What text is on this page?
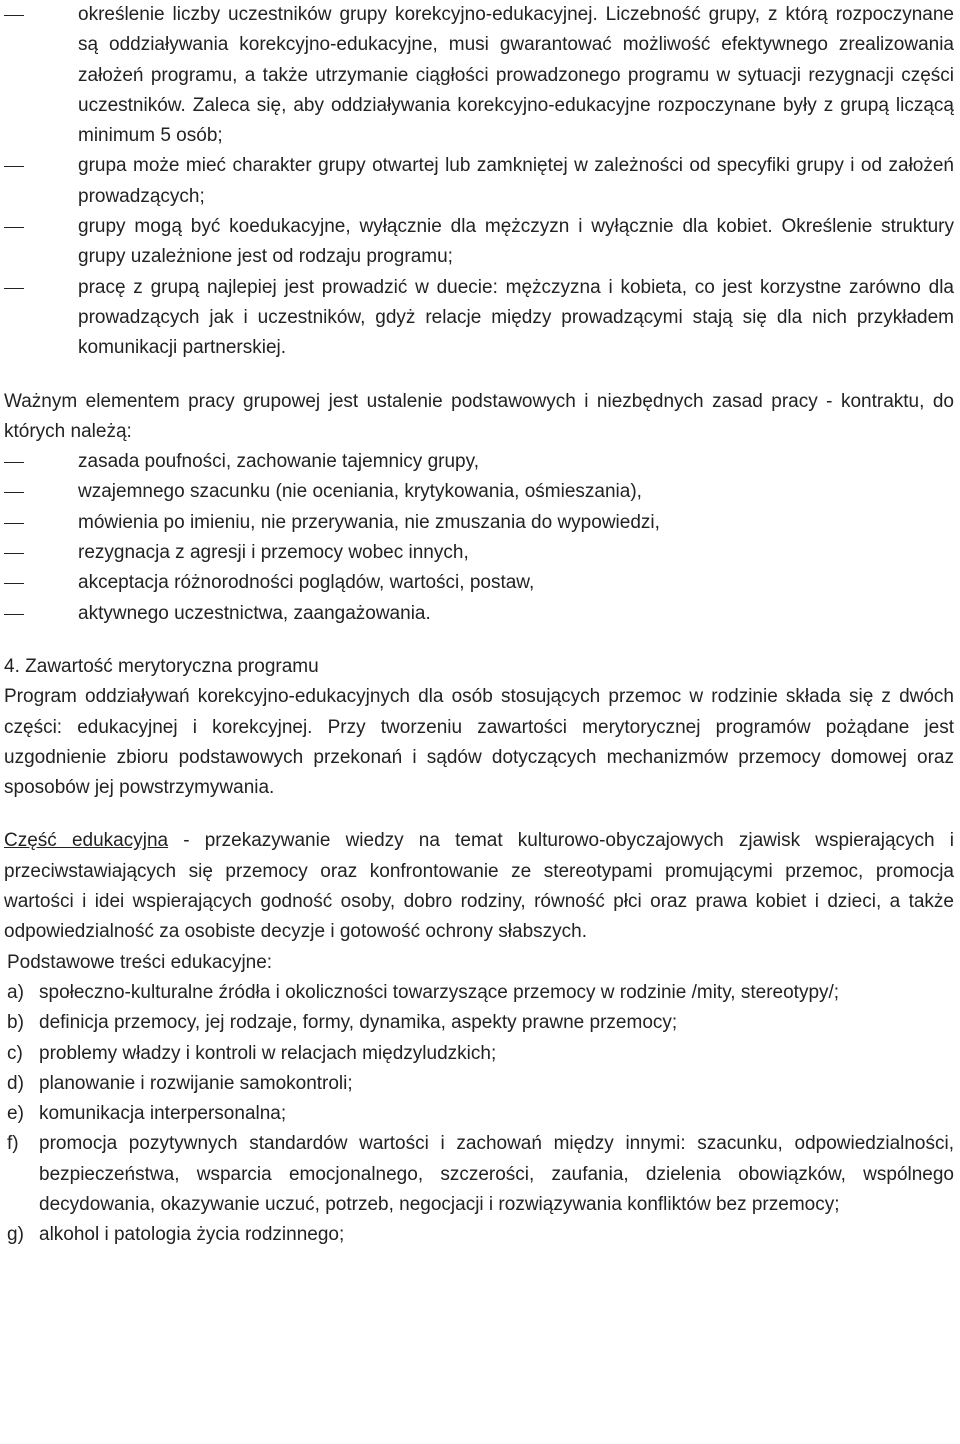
określenie liczby uczestników grupy korekcyjno-edukacyjnej. Liczebność grupy, z którą rozpoczynane są oddziaływania korekcyjno-edukacyjne, musi gwarantować możliwość efektywnego zrealizowania założeń programu, a także utrzymanie ciągłości prowadzonego programu w sytuacji rezygnacji części uczestników. Zaleca się, aby oddziaływania korekcyjno-edukacyjne rozpoczynane były z grupą liczącą minimum 5 osób;
grupa może mieć charakter grupy otwartej lub zamkniętej w zależności od specyfiki grupy i od założeń prowadzących;
grupy mogą być koedukacyjne, wyłącznie dla mężczyzn i wyłącznie dla kobiet. Określenie struktury grupy uzależnione jest od rodzaju programu;
pracę z grupą najlepiej jest prowadzić w duecie: mężczyzna i kobieta, co jest korzystne zarówno dla prowadzących jak i uczestników, gdyż relacje między prowadzącymi stają się dla nich przykładem komunikacji partnerskiej.

Ważnym elementem pracy grupowej jest ustalenie podstawowych i niezbędnych zasad pracy - kontraktu, do których należą:

zasada poufności, zachowanie tajemnicy grupy,
wzajemnego szacunku (nie oceniania, krytykowania, ośmieszania),
mówienia po imieniu, nie przerywania, nie zmuszania do wypowiedzi,
rezygnacja z agresji i przemocy wobec innych,
akceptacja różnorodności poglądów, wartości, postaw,
aktywnego uczestnictwa, zaangażowania.
4. Zawartość merytoryczna programu

Program oddziaływań korekcyjno-edukacyjnych dla osób stosujących przemoc w rodzinie składa się z dwóch części: edukacyjnej i korekcyjnej. Przy tworzeniu zawartości merytorycznej programów pożądane jest uzgodnienie zbioru podstawowych przekonań i sądów dotyczących mechanizmów przemocy domowej oraz sposobów jej powstrzymywania.

Część edukacyjna - przekazywanie wiedzy na temat kulturowo-obyczajowych zjawisk wspierających i przeciwstawiających się przemocy oraz konfrontowanie ze stereotypami promującymi przemoc, promocja wartości i idei wspierających godność osoby, dobro rodziny, równość płci oraz prawa kobiet i dzieci, a także odpowiedzialność za osobiste decyzje i gotowość ochrony słabszych.

Podstawowe treści edukacyjne:
a) społeczno-kulturalne źródła i okoliczności towarzyszące przemocy w rodzinie /mity, stereotypy/;
b) definicja przemocy, jej rodzaje, formy, dynamika, aspekty prawne przemocy;
c) problemy władzy i kontroli w relacjach międzyludzkich;
d) planowanie i rozwijanie samokontroli;
e) komunikacja interpersonalna;
f) promocja pozytywnych standardów wartości i zachowań między innymi: szacunku, odpowiedzialności, bezpieczeństwa, wsparcia emocjonalnego, szczerości, zaufania, dzielenia obowiązków, wspólnego decydowania, okazywanie uczuć, potrzeb, negocjacji i rozwiązywania konfliktów bez przemocy;
g) alkohol i patologia życia rodzinnego;
